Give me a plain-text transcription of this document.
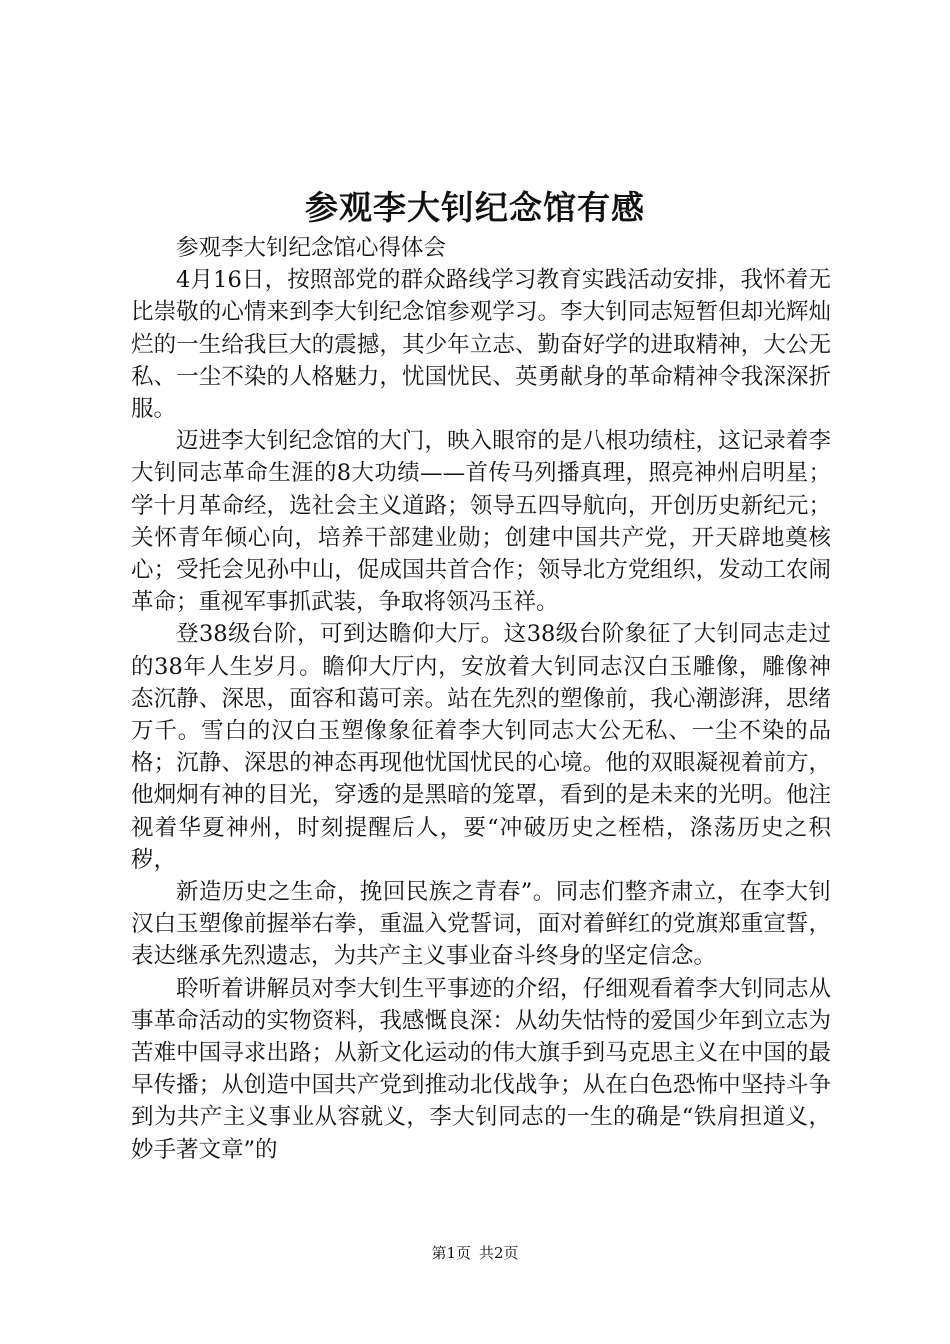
参观李大钊纪念馆有感

参观李大钊纪念馆心得体会

4月16日，按照部党的群众路线学习教育实践活动安排，我怀着无比崇敬的心情来到李大钊纪念馆参观学习。李大钊同志短暂但却光辉灿烂的一生给我巨大的震撼，其少年立志、勤奋好学的进取精神，大公无私、一尘不染的人格魅力，忧国忧民、英勇献身的革命精神令我深深折服。

迈进李大钊纪念馆的大门，映入眼帘的是八根功绩柱，这记录着李大钊同志革命生涯的8大功绩——首传马列播真理，照亮神州启明星；学十月革命经，选社会主义道路；领导五四导航向，开创历史新纪元；关怀青年倾心向，培养干部建业勋；创建中国共产党，开天辟地奠核心；受托会见孙中山，促成国共首合作；领导北方党组织，发动工农闹革命；重视军事抓武装，争取将领冯玉祥。

登38级台阶，可到达瞻仰大厅。这38级台阶象征了大钊同志走过的38年人生岁月。瞻仰大厅内，安放着大钊同志汉白玉雕像，雕像神态沉静、深思，面容和蔼可亲。站在先烈的塑像前，我心潮澎湃，思绪万千。雪白的汉白玉塑像象征着李大钊同志大公无私、一尘不染的品格；沉静、深思的神态再现他忧国忧民的心境。他的双眼凝视着前方，他炯炯有神的目光，穿透的是黑暗的笼罩，看到的是未来的光明。他注视着华夏神州，时刻提醒后人，要“冲破历史之桎梏，涤荡历史之积秽，

新造历史之生命，挽回民族之青春”。同志们整齐肃立，在李大钊汉白玉塑像前握举右拳，重温入党誓词，面对着鲜红的党旗郑重宣誓，表达继承先烈遗志，为共产主义事业奋斗终身的坚定信念。

聆听着讲解员对李大钊生平事迹的介绍，仔细观看着李大钊同志从事革命活动的实物资料，我感慨良深：从幼失怙恃的爱国少年到立志为苦难中国寻求出路；从新文化运动的伟大旗手到马克思主义在中国的最早传播；从创造中国共产党到推动北伐战争；从在白色恐怖中坚持斗争到为共产主义事业从容就义，李大钊同志的一生的确是“铁肩担道义，妙手著文章”的

第1页 共2页
